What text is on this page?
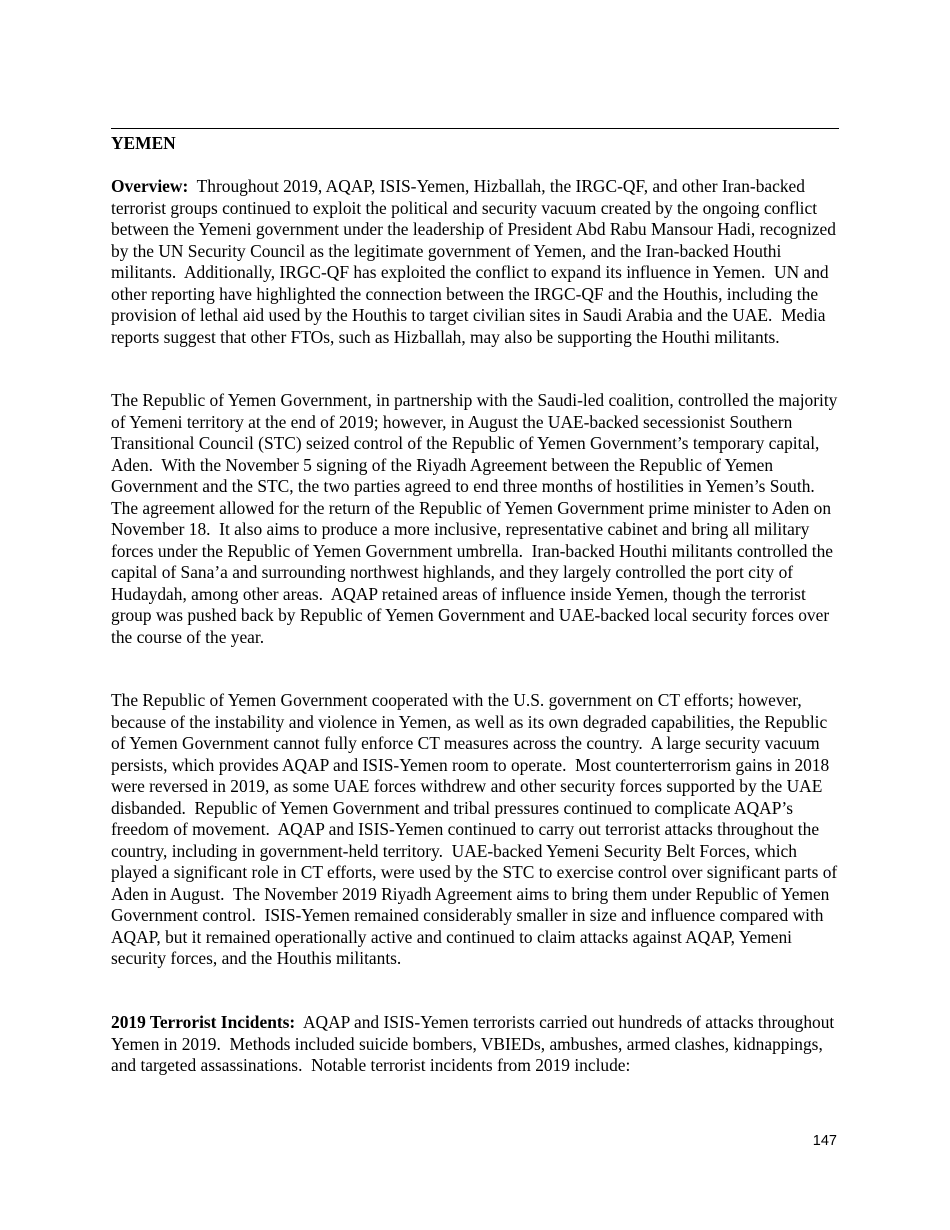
YEMEN

Overview: Throughout 2019, AQAP, ISIS-Yemen, Hizballah, the IRGC-QF, and other Iran-backed terrorist groups continued to exploit the political and security vacuum created by the ongoing conflict between the Yemeni government under the leadership of President Abd Rabu Mansour Hadi, recognized by the UN Security Council as the legitimate government of Yemen, and the Iran-backed Houthi militants.  Additionally, IRGC-QF has exploited the conflict to expand its influence in Yemen.  UN and other reporting have highlighted the connection between the IRGC-QF and the Houthis, including the provision of lethal aid used by the Houthis to target civilian sites in Saudi Arabia and the UAE.  Media reports suggest that other FTOs, such as Hizballah, may also be supporting the Houthi militants.

The Republic of Yemen Government, in partnership with the Saudi-led coalition, controlled the majority of Yemeni territory at the end of 2019; however, in August the UAE-backed secessionist Southern Transitional Council (STC) seized control of the Republic of Yemen Government’s temporary capital, Aden.  With the November 5 signing of the Riyadh Agreement between the Republic of Yemen Government and the STC, the two parties agreed to end three months of hostilities in Yemen’s South.  The agreement allowed for the return of the Republic of Yemen Government prime minister to Aden on November 18.  It also aims to produce a more inclusive, representative cabinet and bring all military forces under the Republic of Yemen Government umbrella.  Iran-backed Houthi militants controlled the capital of Sana’a and surrounding northwest highlands, and they largely controlled the port city of Hudaydah, among other areas.  AQAP retained areas of influence inside Yemen, though the terrorist group was pushed back by Republic of Yemen Government and UAE-backed local security forces over the course of the year.

The Republic of Yemen Government cooperated with the U.S. government on CT efforts; however, because of the instability and violence in Yemen, as well as its own degraded capabilities, the Republic of Yemen Government cannot fully enforce CT measures across the country.  A large security vacuum persists, which provides AQAP and ISIS-Yemen room to operate.  Most counterterrorism gains in 2018 were reversed in 2019, as some UAE forces withdrew and other security forces supported by the UAE disbanded.  Republic of Yemen Government and tribal pressures continued to complicate AQAP’s freedom of movement.  AQAP and ISIS-Yemen continued to carry out terrorist attacks throughout the country, including in government-held territory.  UAE-backed Yemeni Security Belt Forces, which played a significant role in CT efforts, were used by the STC to exercise control over significant parts of Aden in August.  The November 2019 Riyadh Agreement aims to bring them under Republic of Yemen Government control.  ISIS-Yemen remained considerably smaller in size and influence compared with AQAP, but it remained operationally active and continued to claim attacks against AQAP, Yemeni security forces, and the Houthis militants.

2019 Terrorist Incidents: AQAP and ISIS-Yemen terrorists carried out hundreds of attacks throughout Yemen in 2019.  Methods included suicide bombers, VBIEDs, ambushes, armed clashes, kidnappings, and targeted assassinations.  Notable terrorist incidents from 2019 include:

147
